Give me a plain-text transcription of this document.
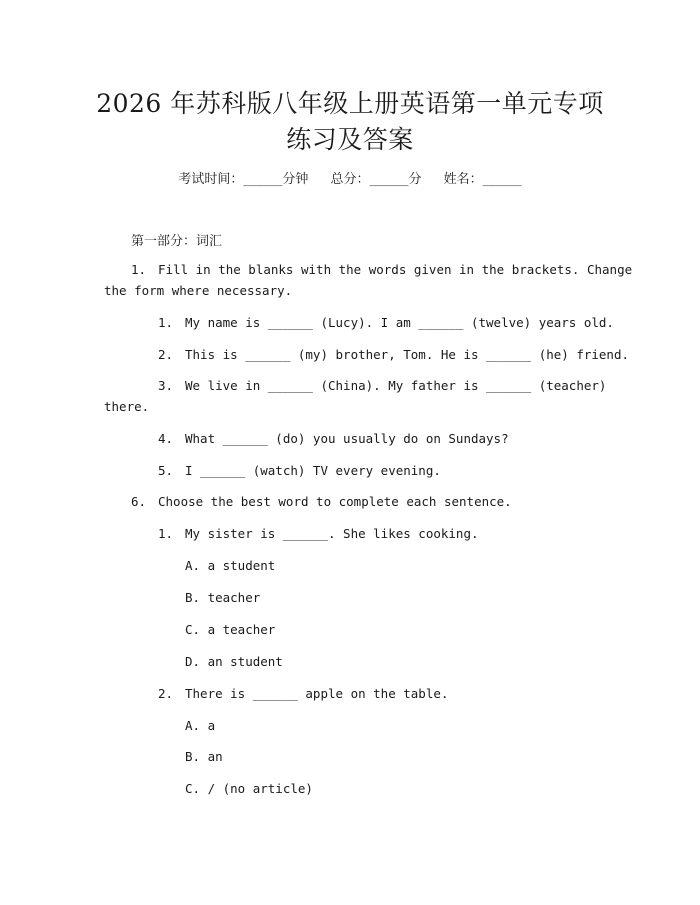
2026 年苏科版八年级上册英语第一单元专项
练习及答案
考试时间：______分钟 总分：______分 姓名：______
第一部分：词汇
1. Fill in the blanks with the words given in the brackets. Change
the form where necessary.
1. My name is ______ (Lucy). I am ______ (twelve) years old.
2. This is ______ (my) brother, Tom. He is ______ (he) friend.
3. We live in ______ (China). My father is ______ (teacher)
there.
4. What ______ (do) you usually do on Sundays?
5. I ______ (watch) TV every evening.
6. Choose the best word to complete each sentence.
1. My sister is ______. She likes cooking.
A. a student
B. teacher
C. a teacher
D. an student
2. There is ______ apple on the table.
A. a
B. an
C. / (no article)
